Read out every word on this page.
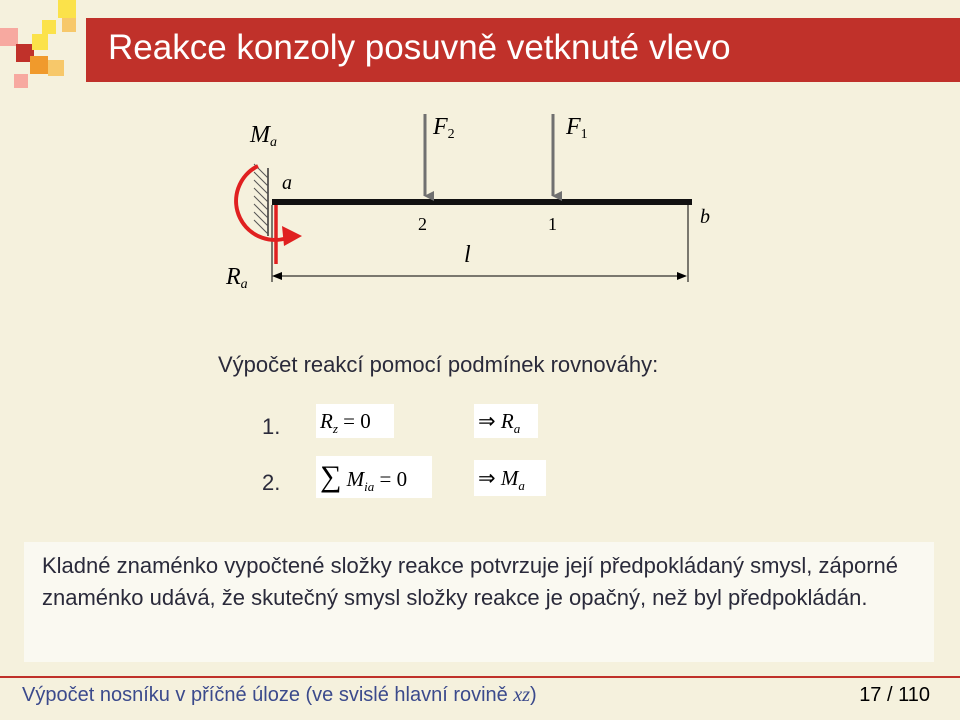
Reakce konzoly posuvně vetknuté vlevo
$M_a$
a
$F_2$	$F_1$
b
2	1
l
$R_a$
Výpočet reakcí pomocí podmínek rovnováhy:
1. $R_z = 0$	⇒ $R_a$
2. ∑ $M_{ia} = 0$	⇒ $M_a$
Kladné znaménko vypočtené složky reakce potvrzuje její předpokládaný smysl, záporné znaménko udává, že skutečný smysl složky reakce je opačný, než byl předpokládán.
Výpočet nosníku v příčné úloze (ve svislé hlavní rovině xz)	17 / 110
